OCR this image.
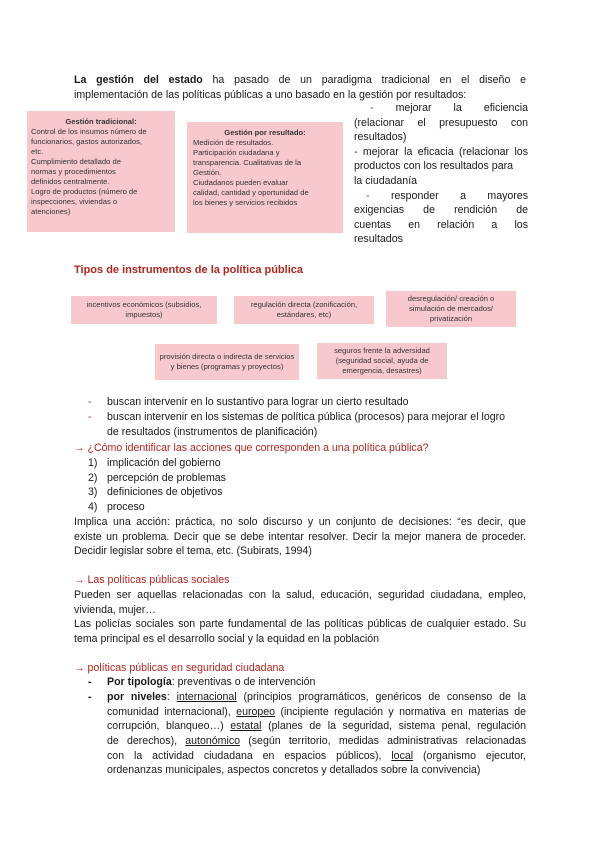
La gestión del estado ha pasado de un paradigma tradicional en el diseño e
implementación de las políticas públicas a uno basado en la gestión por resultados:
Gestión tradicional:
Control de los insumos número de
funcionarios, gastos autorizados,
etc.
Cumplimiento detallado de
normas y procedimientos
definidos centralmente.
Logro de productos (número de
inspecciones, viviendas o
atenciones)
Gestión por resultado:
Medición de resultados.
Participación ciudadana y
transparencia. Cualitativas de la
Gestión.
Ciudadanos pueden evaluar
calidad, cantidad y oportunidad de
los bienes y servicios recibidos
- mejorar la eficiencia
(relacionar el presupuesto con
resultados)
- mejorar la eficacia (relacionar los
productos con los resultados para
la ciudadanía
- responder a mayores
exigencias de rendición de
cuentas en relación a los
resultados
Tipos de instrumentos de la política pública
incentivos económicos (subsidios, impuestos)
regulación directa (zonificación, estándares, etc)
desregulación/ creación o simulación de mercados/ privatización
provisión directa o indirecta de servicios y bienes (programas y proyectos)
seguros frente la adversidad (seguridad social, ayuda de emergencia, desastres)
-	buscan intervenir en lo sustantivo para lograr un cierto resultado
-	buscan intervenir en los sistemas de política pública (procesos) para mejorar el logro
de resultados (instrumentos de planificación)
→ ¿Cómo identificar las acciones que corresponden a una política pública?
1) implicación del gobierno
2) percepción de problemas
3) definiciones de objetivos
4) proceso
Implica una acción: práctica, no solo discurso y un conjunto de decisiones: “es decir, que
existe un problema. Decir que se debe intentar resolver. Decir la mejor manera de proceder.
Decidir legislar sobre el tema, etc. (Subirats, 1994)
→ Las políticas públicas sociales
Pueden ser aquellas relacionadas con la salud, educación, seguridad ciudadana, empleo,
vivienda, mujer…
Las policías sociales son parte fundamental de las políticas públicas de cualquier estado. Su
tema principal es el desarrollo social y la equidad en la población
→ políticas públicas en seguridad ciudadana
-	Por tipología: preventivas o de intervención
-	por niveles: internacional (principios programáticos, genéricos de consenso de la
comunidad internacional), europeo (incipiente regulación y normativa en materias de
corrupción, blanqueo…) estatal (planes de la seguridad, sistema penal, regulación
de derechos), autonómico (según territorio, medidas administrativas relacionadas
con la actividad ciudadana en espacios públicos), local (organismo ejecutor,
ordenanzas municipales, aspectos concretos y detallados sobre la convivencia)
